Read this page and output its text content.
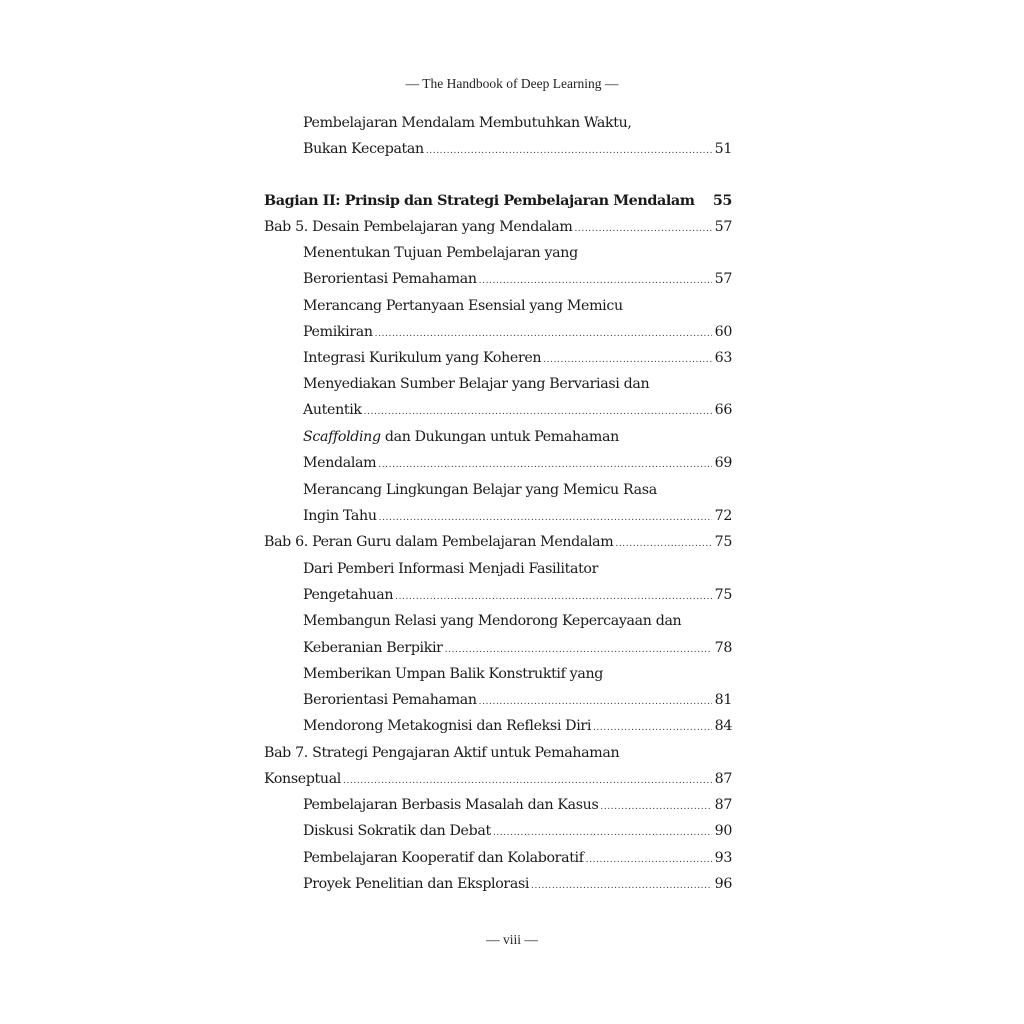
— The Handbook of Deep Learning —
Pembelajaran Mendalam Membutuhkan Waktu,
Bukan Kecepatan .....	51
Bagian II: Prinsip dan Strategi Pembelajaran Mendalam 55
Bab 5. Desain Pembelajaran yang Mendalam .....	57
Menentukan Tujuan Pembelajaran yang
Berorientasi Pemahaman .....	57
Merancang Pertanyaan Esensial yang Memicu
Pemikiran .....	60
Integrasi Kurikulum yang Koheren .....	63
Menyediakan Sumber Belajar yang Bervariasi dan
Autentik .....	66
Scaffolding dan Dukungan untuk Pemahaman
Mendalam .....	69
Merancang Lingkungan Belajar yang Memicu Rasa
Ingin Tahu .....	72
Bab 6. Peran Guru dalam Pembelajaran Mendalam .....	75
Dari Pemberi Informasi Menjadi Fasilitator
Pengetahuan .....	75
Membangun Relasi yang Mendorong Kepercayaan dan
Keberanian Berpikir .....	78
Memberikan Umpan Balik Konstruktif yang
Berorientasi Pemahaman .....	81
Mendorong Metakognisi dan Refleksi Diri .....	84
Bab 7. Strategi Pengajaran Aktif untuk Pemahaman
Konseptual .....	87
Pembelajaran Berbasis Masalah dan Kasus .....	87
Diskusi Sokratik dan Debat .....	90
Pembelajaran Kooperatif dan Kolaboratif .....	93
Proyek Penelitian dan Eksplorasi .....	96
— viii —
